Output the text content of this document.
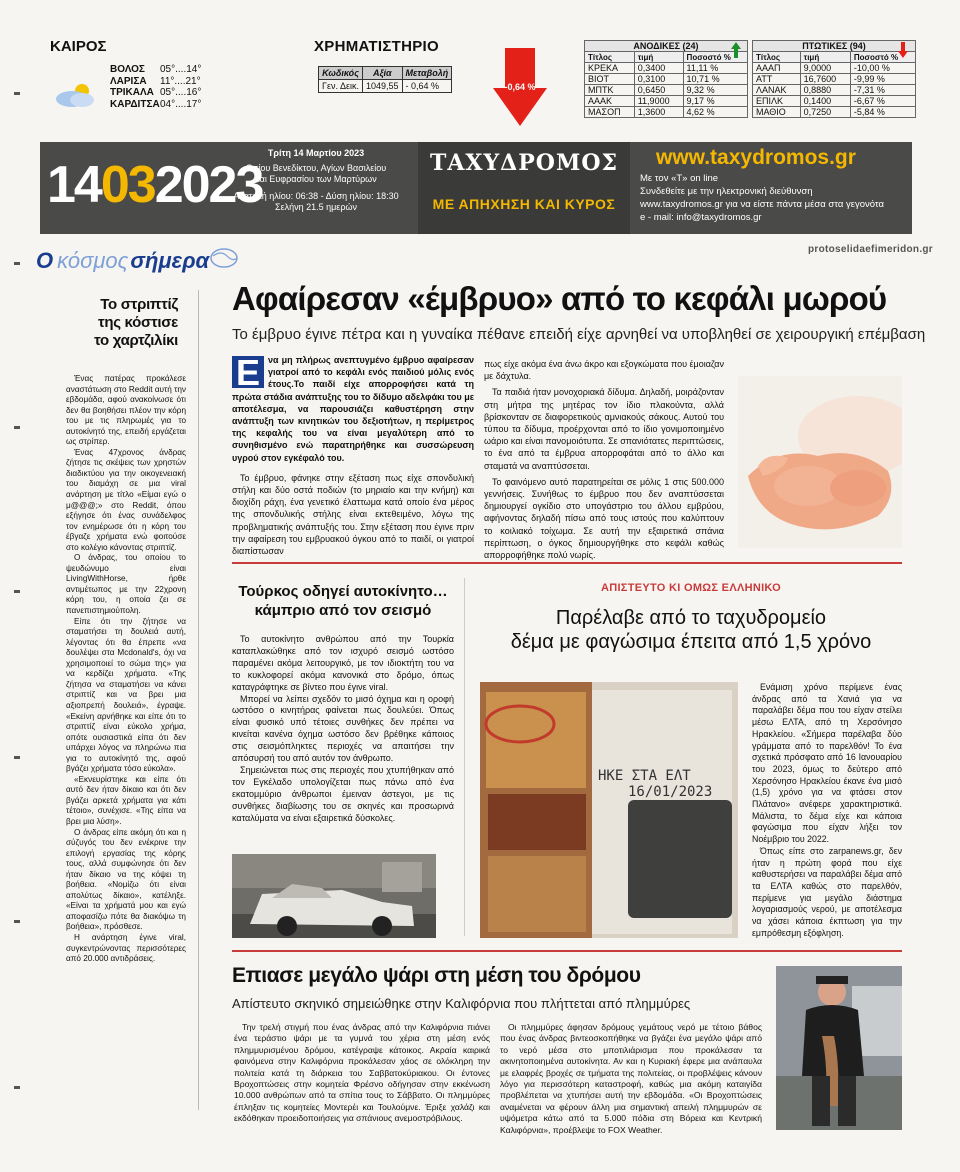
ΚΑΙΡΟΣ
ΒΟΛΟΣ	05°....14°
ΛΑΡΙΣΑ	11°....21°
ΤΡΙΚΑΛΑ 05°....16°
ΚΑΡΔΙΤΣΑ 04°....17°
ΧΡΗΜΑΤΙΣΤΗΡΙΟ
Κωδικός	Αξία	Μεταβολή
Γεν. Δεικ.	1049,55	- 0,64 %	-0,64 %
ΑΝΟΔΙΚΕΣ (24)		
Τίτλος	τιμή	Ποσοστό %
ΚΡΕΚΑ	0,3400	11,11 %
ΒΙΟΤ	0,3100	10,71 %
ΜΠΤΚ	0,6450	9,32 %
ΑΑΑΚ	11,9000	9,17 %
ΜΑΣΟΠ	1,3600	4,62 %
ΠΤΩΤΙΚΕΣ (94)		
Τίτλος	τιμή	Ποσοστό %
ΑΑΑΠ	9,0000	-10,00 %
ΑΤΤ	16,7600	-9,99 %
ΛΑΝΑΚ	0,8880	-7,31 %
ΕΠΙΛΚ	0,1400	-6,67 %
ΜΑΘΙΟ	0,7250	-5,84 %
14032023
Τρίτη 14 Μαρτίου 2023
Οσίου Βενεδίκτου, Αγίων Βασιλείου
και Ευφρασίου των Μαρτύρων
Ανατολή ηλίου: 06:38 - Δύση ηλίου: 18:30
Σελήνη 21.5 ημερών
ΤΑΧΥΔΡΟΜΟΣ
ΜΕ ΑΠΗΧΗΣΗ ΚΑΙ ΚΥΡΟΣ
www.taxydromos.gr
Με τον «Τ» on line
Συνδεθείτε με την ηλεκτρονική διεύθυνση
www.taxydromos.gr για να είστε πάντα μέσα στα γεγονότα
e - mail: info@taxydromos.gr
protoselidaefimeridon.gr
Ο κόσμος σήμερα
Το στριπτίζ
της κόστισε
το χαρτζιλίκι

Ένας πατέρας προκάλεσε αναστάτωση στο Reddit αυτή την εβδομάδα, αφού ανακοίνωσε ότι δεν θα βοηθήσει πλέον την κόρη του με τις πληρωμές για το αυτοκίνητό της, επειδή εργάζεται ως στρίπερ.

Ένας 47χρονος άνδρας ζήτησε τις σκέψεις των χρηστών διαδικτύου για την οικογενειακή του διαμάχη σε μια viral ανάρτηση με τίτλο «Είμαι εγώ ο μ@@@;» στο Reddit, όπου εξήγησε ότι ένας συνάδελφος τον ενημέρωσε ότι η κόρη του έβγαζε χρήματα ενώ φοιτούσε στο κολέγιο κάνοντας στριπτίζ.

Ο άνδρας, του οποίου το ψευδώνυμο είναι LivingWithHorse, ήρθε αντιμέτωπος με την 22χρονη κόρη του, η οποία ζει σε πανεπιστημιούπολη.

Είπε ότι την ζήτησε να σταματήσει τη δουλειά αυτή, λέγοντας ότι θα έπρεπε «να δουλέψει στα Mcdonald's, όχι να χρησιμοποιεί το σώμα της» για να κερδίζει χρήματα. «Της ζήτησα να σταματήσει να κάνει στριπτίζ και να βρει μια αξιοπρεπή δουλειά», έγραψε. «Εκείνη αρνήθηκε και είπε ότι το στριπτίζ είναι εύκολο χρήμα, οπότε ουσιαστικά είπα ότι δεν υπάρχει λόγος να πληρώνω πια για το αυτοκίνητό της, αφού βγάζει χρήματα τόσο εύκολα».

«Εκνευρίστηκε και είπε ότι αυτό δεν ήταν δίκαιο και ότι δεν βγάζει αρκετά χρήματα για κάτι τέτοιο», συνέχισε. «Της είπα να βρει μια λύση».

Ο άνδρας είπε ακόμη ότι και η σύζυγός του δεν ενέκρινε την επιλογή εργασίας της κόρης τους, αλλά συμφώνησε ότι δεν ήταν δίκαιο να της κόψει τη βοήθεια. «Νομίζω ότι είναι απολύτως δίκαιο», κατέληξε. «Είναι τα χρήματά μου και εγώ αποφασίζω πότε θα διακόψω τη βοήθεια», πρόσθεσε.

Η ανάρτηση έγινε viral, συγκεντρώνοντας περισσότερες από 20.000 αντιδράσεις.

Αφαίρεσαν «έμβρυο» από το κεφάλι μωρού
Το έμβρυο έγινε πέτρα και η γυναίκα πέθανε επειδή είχε αρνηθεί να υποβληθεί σε χειρουργική επέμβαση

Ε να μη πλήρως ανεπτυγμένο έμβρυο αφαίρεσαν γιατροί από το κεφάλι ενός παιδιού μόλις ενός έτους.Το παιδί είχε απορροφήσει κατά τη πρώτα στάδια ανάπτυξης του το δίδυμο αδελφάκι του με αποτέλεσμα, να παρουσιάζει καθυστέρηση στην ανάπτυξη των κινητικών του δεξιοτήτων, η περίμετρος της κεφαλής του να είναι μεγαλύτερη από το συνηθισμένο ενώ παρατηρήθηκε και συσσώρευση υγρού στον εγκέφαλό του.

Το έμβρυο, φάνηκε στην εξέταση πως είχε σπονδυλική στήλη και δύο οστά ποδιών (το μηριαίο και την κνήμη) και διοχίδη ράχη, ένα γενετικό έλαττωμα κατά οποίο ένα μέρος της σπονδυλικής στήλης είναι εκτεθειμένο, λόγω της προβληματικής ανάπτυξής του. Στην εξέταση που έγινε πριν την αφαίρεση του εμβρυακού όγκου από το παιδί, οι γιατροί διαπίστωσαν

πως είχε ακόμα ένα άνω άκρο και εξογκώματα που έμοιαζαν με δάχτυλα.

Τα παιδιά ήταν μονοχοριακά δίδυμα. Δηλαδή, μοιράζονταν στη μήτρα της μητέρας τον ίδιο πλακούντα, αλλά βρίσκονταν σε διαφορετικούς αμνιακούς σάκους. Αυτού του τύπου τα δίδυμα, προέρχονται από το ίδιο γονιμοποιημένο ωάριο και είναι πανομοιότυπα. Σε σπανιότατες περιπτώσεις, το ένα από τα έμβρυα απορροφάται από το άλλο και σταματά να αναπτύσσεται.

Το φαινόμενο αυτό παρατηρείται σε μόλις 1 στις 500.000 γεννήσεις. Συνήθως το έμβρυο που δεν αναπτύσσεται δημιουργεί ογκίδιο στο υπογάστριο του άλλου εμβρύου, αφήνοντας δηλαδή πίσω από τους ιστούς που καλύπτουν το κοιλιακό τοίχωμα. Σε αυτή την εξαιρετικά σπάνια περίπτωση, ο όγκος δημιουργήθηκε στο κεφάλι καθώς απορροφήθηκε πολύ νωρίς.

Τούρκος οδηγεί αυτοκίνητο…
κάμπριο από τον σεισμό

Το αυτοκίνητο ανθρώπου από την Τουρκία καταπλακώθηκε από τον ισχυρό σεισμό ωστόσο παραμένει ακόμα λειτουργικό, με τον ιδιοκτήτη του να το κυκλοφορεί ακόμα κανονικά στο δρόμο, όπως καταγράφτηκε σε βίντεο που έγινε viral.

Μπορεί να λείπει σχεδόν το μισό όχημα και η οροφή ωστόσο ο κινητήρας φαίνεται πως δουλεύει. Όπως είναι φυσικό υπό τέτοιες συνθήκες δεν πρέπει να κινείται κανένα όχημα ωστόσο δεν βρέθηκε κάποιος στις σεισμόπληκτες περιοχές να απαιτήσει την απόσυρσή του από αυτόν τον άνθρωπο.

Σημειώνεται πως στις περιοχές που χτυπήθηκαν από τον Εγκέλαδο υπολογίζεται πως πάνω από ένα εκατομμύριο άνθρωποι έμειναν άστεγοι, με τις συνθήκες διαβίωσης του σε σκηνές και προσωρινά καταλύματα να είναι εξαιρετικά δύσκολες.

ΑΠΙΣΤΕΥΤΟ ΚΙ ΟΜΩΣ ΕΛΛΗΝΙΚΟ
Παρέλαβε από το ταχυδρομείο
δέμα με φαγώσιμα έπειτα από 1,5 χρόνο
ΗΚΕ ΣΤΑ ΕΛΤ
16/01/2023

Ενάμιση χρόνο περίμενε ένας άνδρας από τα Χανιά για να παραλάβει δέμα που του είχαν στείλει μέσω ΕΛΤΑ, από τη Χερσόνησο Ηρακλείου. «Σήμερα παρέλαβα δύο γράμματα από το παρελθόν! Το ένα σχετικά πρόσφατο από 16 Ιανουαρίου του 2023, όμως το δεύτερο από Χερσόνησο Ηρακλείου έκανε ένα μισό (1,5) χρόνο για να φτάσει στον Πλάτανο» ανέφερε χαρακτηριστικά. Μάλιστα, το δέμα είχε και κάποια φαγώσιμα που είχαν λήξει τον Νοέμβριο του 2022.

Όπως είπε στο zarpanews.gr, δεν ήταν η πρώτη φορά που είχε καθυστερήσει να παραλάβει δέμα από τα ΕΛΤΑ καθώς στο παρελθόν, περίμενε για μεγάλο διάστημα λογαριασμούς νερού, με αποτέλεσμα να χάσει κάποια έκπτωση για την εμπρόθεσμη εξόφληση.

Επιασε μεγάλο ψάρι στη μέση του δρόμου
Απίστευτο σκηνικό σημειώθηκε στην Καλιφόρνια που πλήττεται από πλημμύρες

Την τρελή στιγμή που ένας άνδρας από την Καλιφόρνια πιάνει ένα τεράστιο ψάρι με τα γυμνά του χέρια στη μέση ενός πλημμυρισμένου δρόμου, κατέγραψε κάτοικος. Ακραία καιρικά φαινόμενα στην Καλιφόρνια προκάλεσαν χάος σε ολόκληρη την πολιτεία κατά τη διάρκεια του Σαββατοκύριακου. Οι έντονες Βροχοπτώσεις στην κομητεία Φρέσνο οδήγησαν στην εκκένωση 10.000 ανθρώπων από τα σπίτια τους το Σάββατο. Οι πλημμύρες έπληξαν τις κομητείες Μοντερέι και Τουλούμνε. Έριξε χαλάζι και εκδόθηκαν προειδοποιήσεις για σπάνιους ανεμοστρόβιλους.

Οι πλημμύρες άφησαν δρόμους γεμάτους νερό με τέτοιο βάθος που ένας άνδρας βιντεοσκοπήθηκε να βγάζει ένα μεγάλο ψάρι από το νερό μέσα στο μποτιλιάρισμα που προκάλεσαν τα ακινητοποιημένα αυτοκίνητα. Αν και η Κυριακή έφερε μια ανάπαυλα με ελαφρές βροχές σε τμήματα της πολιτείας, οι προβλέψεις κάνουν λόγο για περισσότερη καταστροφή, καθώς μια ακόμη καταιγίδα προβλέπεται να χτυπήσει αυτή την εβδομάδα. «Οι Βροχοπτώσεις αναμένεται να φέρουν άλλη μια σημαντική απειλή πλημμυρών σε υψόμετρα κάτω από τα 5.000 πόδια στη Βόρεια και Κεντρική Καλιφόρνια», προέβλεψε το FOX Weather.
